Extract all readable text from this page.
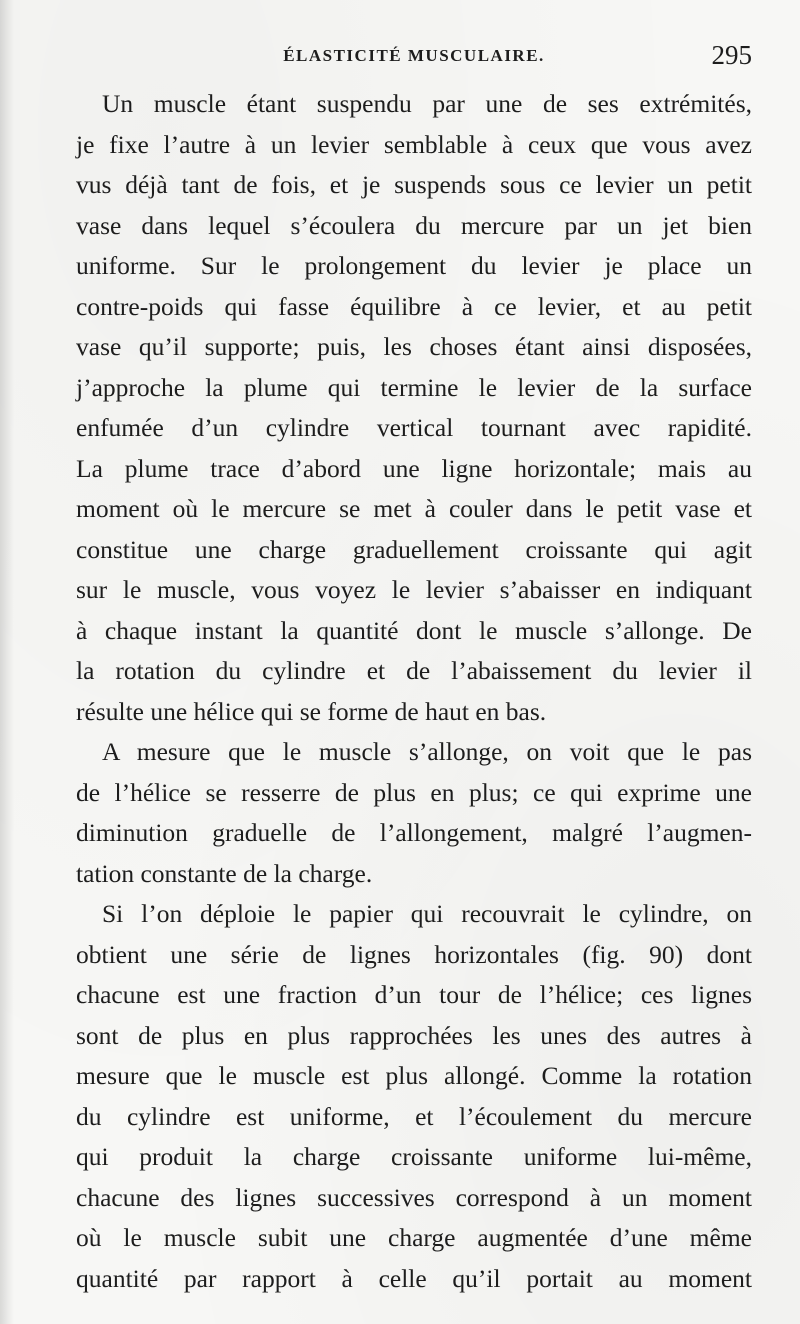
ÉLASTICITÉ MUSCULAIRE.	295
Un muscle étant suspendu par une de ses extrémités,
je fixe l’autre à un levier semblable à ceux que vous avez
vus déjà tant de fois, et je suspends sous ce levier un petit
vase dans lequel s’écoulera du mercure par un jet bien
uniforme. Sur le prolongement du levier je place un
contre-poids qui fasse équilibre à ce levier, et au petit
vase qu’il supporte; puis, les choses étant ainsi disposées,
j’approche la plume qui termine le levier de la surface
enfumée d’un cylindre vertical tournant avec rapidité.
La plume trace d’abord une ligne horizontale; mais au
moment où le mercure se met à couler dans le petit vase et
constitue une charge graduellement croissante qui agit
sur le muscle, vous voyez le levier s’abaisser en indiquant
à chaque instant la quantité dont le muscle s’allonge. De
la rotation du cylindre et de l’abaissement du levier il
résulte une hélice qui se forme de haut en bas.
A mesure que le muscle s’allonge, on voit que le pas
de l’hélice se resserre de plus en plus; ce qui exprime une
diminution graduelle de l’allongement, malgré l’augmen-
tation constante de la charge.
Si l’on déploie le papier qui recouvrait le cylindre, on
obtient une série de lignes horizontales (fig. 90) dont
chacune est une fraction d’un tour de l’hélice; ces lignes
sont de plus en plus rapprochées les unes des autres à
mesure que le muscle est plus allongé. Comme la rotation
du cylindre est uniforme, et l’écoulement du mercure
qui produit la charge croissante uniforme lui-même,
chacune des lignes successives correspond à un moment
où le muscle subit une charge augmentée d’une même
quantité par rapport à celle qu’il portait au moment
